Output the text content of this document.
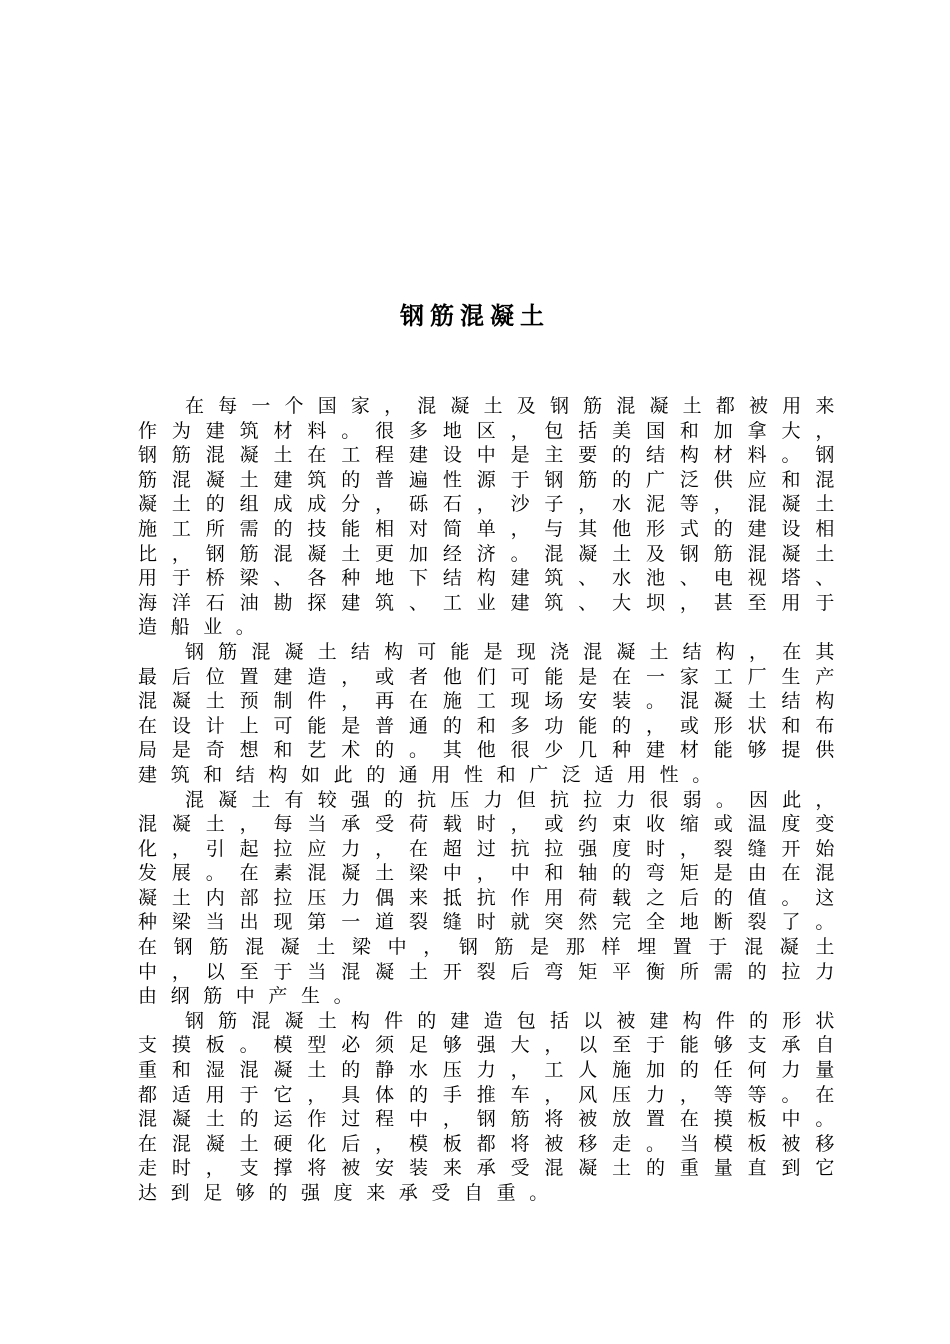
钢筋混凝土

在每一个国家，混凝土及钢筋混凝土都被用来作为建筑材料。很多地区，包括美国和加拿大，钢筋混凝土在工程建设中是主要的结构材料。钢筋混凝土建筑的普遍性源于钢筋的广泛供应和混凝土的组成成分，砾石，沙子，水泥等，混凝土施工所需的技能相对简单，与其他形式的建设相比，钢筋混凝土更加经济。混凝土及钢筋混凝土用于桥梁、各种地下结构建筑、水池、电视塔、海洋石油勘探建筑、工业建筑、大坝，甚至用于造船业。

钢筋混凝土结构可能是现浇混凝土结构，在其最后位置建造，或者他们可能是在一家工厂生产混凝土预制件，再在施工现场安装。混凝土结构在设计上可能是普通的和多功能的，或形状和布局是奇想和艺术的。其他很少几种建材能够提供建筑和结构如此的通用性和广泛适用性。

混凝土有较强的抗压力但抗拉力很弱。因此，混凝土，每当承受荷载时，或约束收缩或温度变化，引起拉应力，在超过抗拉强度时，裂缝开始发展。在素混凝土梁中，中和轴的弯矩是由在混凝土内部拉压力偶来抵抗作用荷载之后的值。这种梁当出现第一道裂缝时就突然完全地断裂了。在钢筋混凝土梁中，钢筋是那样埋置于混凝土中，以至于当混凝土开裂后弯矩平衡所需的拉力由纲筋中产生。

钢筋混凝土构件的建造包括以被建构件的形状支摸板。模型必须足够强大，以至于能够支承自重和湿混凝土的静水压力，工人施加的任何力量都适用于它，具体的手推车，风压力，等等。在混凝土的运作过程中，钢筋将被放置在摸板中。在混凝土硬化后，模板都将被移走。当模板被移走时，支撑将被安装来承受混凝土的重量直到它达到足够的强度来承受自重。
